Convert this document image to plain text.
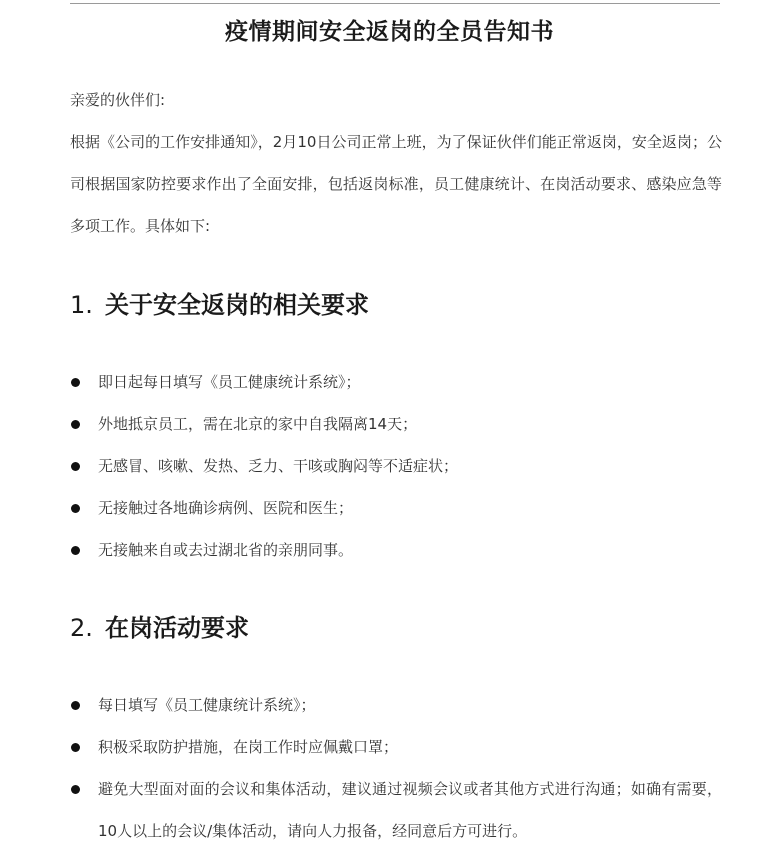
疫情期间安全返岗的全员告知书
亲爱的伙伴们:
根据《公司的工作安排通知》，2月10日公司正常上班，为了保证伙伴们能正常返岗，安全返岗；公司根据国家防控要求作出了全面安排，包括返岗标准，员工健康统计、在岗活动要求、感染应急等多项工作。具体如下:
1. 关于安全返岗的相关要求
即日起每日填写《员工健康统计系统》；
外地抵京员工，需在北京的家中自我隔离14天；
无感冒、咳嗽、发热、乏力、干咳或胸闷等不适症状；
无接触过各地确诊病例、医院和医生；
无接触来自或去过湖北省的亲朋同事。
2. 在岗活动要求
每日填写《员工健康统计系统》；
积极采取防护措施，在岗工作时应佩戴口罩；
避免大型面对面的会议和集体活动，建议通过视频会议或者其他方式进行沟通；如确有需要，10人以上的会议/集体活动，请向人力报备，经同意后方可进行。
